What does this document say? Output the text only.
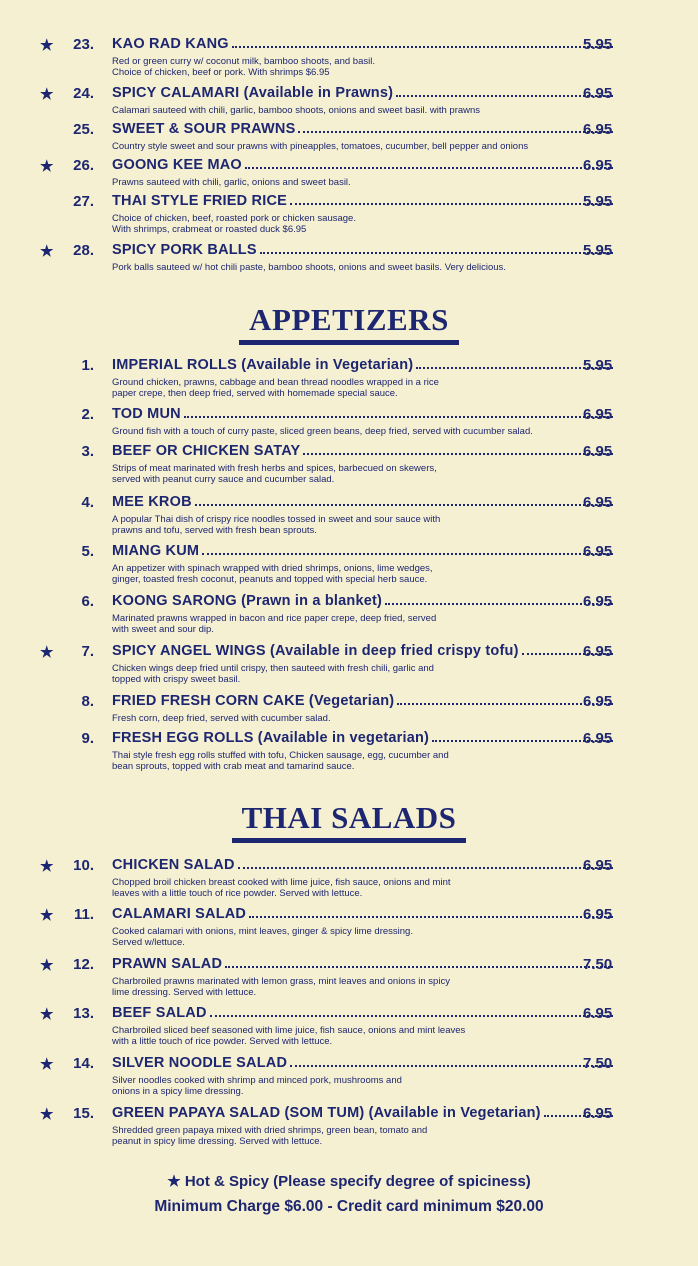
★	23. KAO RAD KANG	5.95
Red or green curry w/ coconut milk, bamboo shoots, and basil.
Choice of chicken, beef or pork. With shrimps $6.95
★	24. SPICY CALAMARI (Available in Prawns)	6.95
Calamari sauteed with chili, garlic, bamboo shoots, onions and sweet basil. with prawns
25. SWEET & SOUR PRAWNS	6.95
Country style sweet and sour prawns with pineapples, tomatoes, cucumber, bell pepper and onions
★	26. GOONG KEE MAO	6.95
Prawns sauteed with chili, garlic, onions and sweet basil.
27. THAI STYLE FRIED RICE	5.95
Choice of chicken, beef, roasted pork or chicken sausage.
With shrimps, crabmeat or roasted duck $6.95
★	28. SPICY PORK BALLS	5.95
Pork balls sauteed w/ hot chili paste, bamboo shoots, onions and sweet basils. Very delicious.
APPETIZERS
1. IMPERIAL ROLLS (Available in Vegetarian)	5.95
Ground chicken, prawns, cabbage and bean thread noodles wrapped in a rice
paper crepe, then deep fried, served with homemade special sauce.
2. TOD MUN	6.95
Ground fish with a touch of curry paste, sliced green beans, deep fried, served with cucumber salad.
3. BEEF OR CHICKEN SATAY	6.95
Strips of meat marinated with fresh herbs and spices, barbecued on skewers,
served with peanut curry sauce and cucumber salad.
4. MEE KROB	6.95
A popular Thai dish of crispy rice noodles tossed in sweet and sour sauce with
prawns and tofu, served with fresh bean sprouts.
5. MIANG KUM	6.95
An appetizer with spinach wrapped with dried shrimps, onions, lime wedges,
ginger, toasted fresh coconut, peanuts and topped with special herb sauce.
6. KOONG SARONG (Prawn in a blanket)	6.95
Marinated prawns wrapped in bacon and rice paper crepe, deep fried, served
with sweet and sour dip.
★	7. SPICY ANGEL WINGS (Available in deep fried crispy tofu)	6.95
Chicken wings deep fried until crispy, then sauteed with fresh chili, garlic and
topped with crispy sweet basil.
8. FRIED FRESH CORN CAKE (Vegetarian)	6.95
Fresh corn, deep fried, served with cucumber salad.
9. FRESH EGG ROLLS (Available in vegetarian)	6.95
Thai style fresh egg rolls stuffed with tofu, Chicken sausage, egg, cucumber and
bean sprouts, topped with crab meat and tamarind sauce.
THAI SALADS
★	10. CHICKEN SALAD	6.95
Chopped broil chicken breast cooked with lime juice, fish sauce, onions and mint
leaves with a little touch of rice powder. Served with lettuce.
★	11. CALAMARI SALAD	6.95
Cooked calamari with onions, mint leaves, ginger & spicy lime dressing.
Served w/lettuce.
★	12. PRAWN SALAD	7.50
Charbroiled prawns marinated with lemon grass, mint leaves and onions in spicy
lime dressing. Served with lettuce.
★	13. BEEF SALAD	6.95
Charbroiled sliced beef seasoned with lime juice, fish sauce, onions and mint leaves
with a little touch of rice powder. Served with lettuce.
★	14. SILVER NOODLE SALAD	7.50
Silver noodles cooked with shrimp and minced pork, mushrooms and
onions in a spicy lime dressing.
★	15. GREEN PAPAYA SALAD (SOM TUM) (Available in Vegetarian)	6.95
Shredded green papaya mixed with dried shrimps, green bean, tomato and
peanut in spicy lime dressing. Served with lettuce.
★ Hot & Spicy (Please specify degree of spiciness)
Minimum Charge $6.00 - Credit card minimum $20.00
